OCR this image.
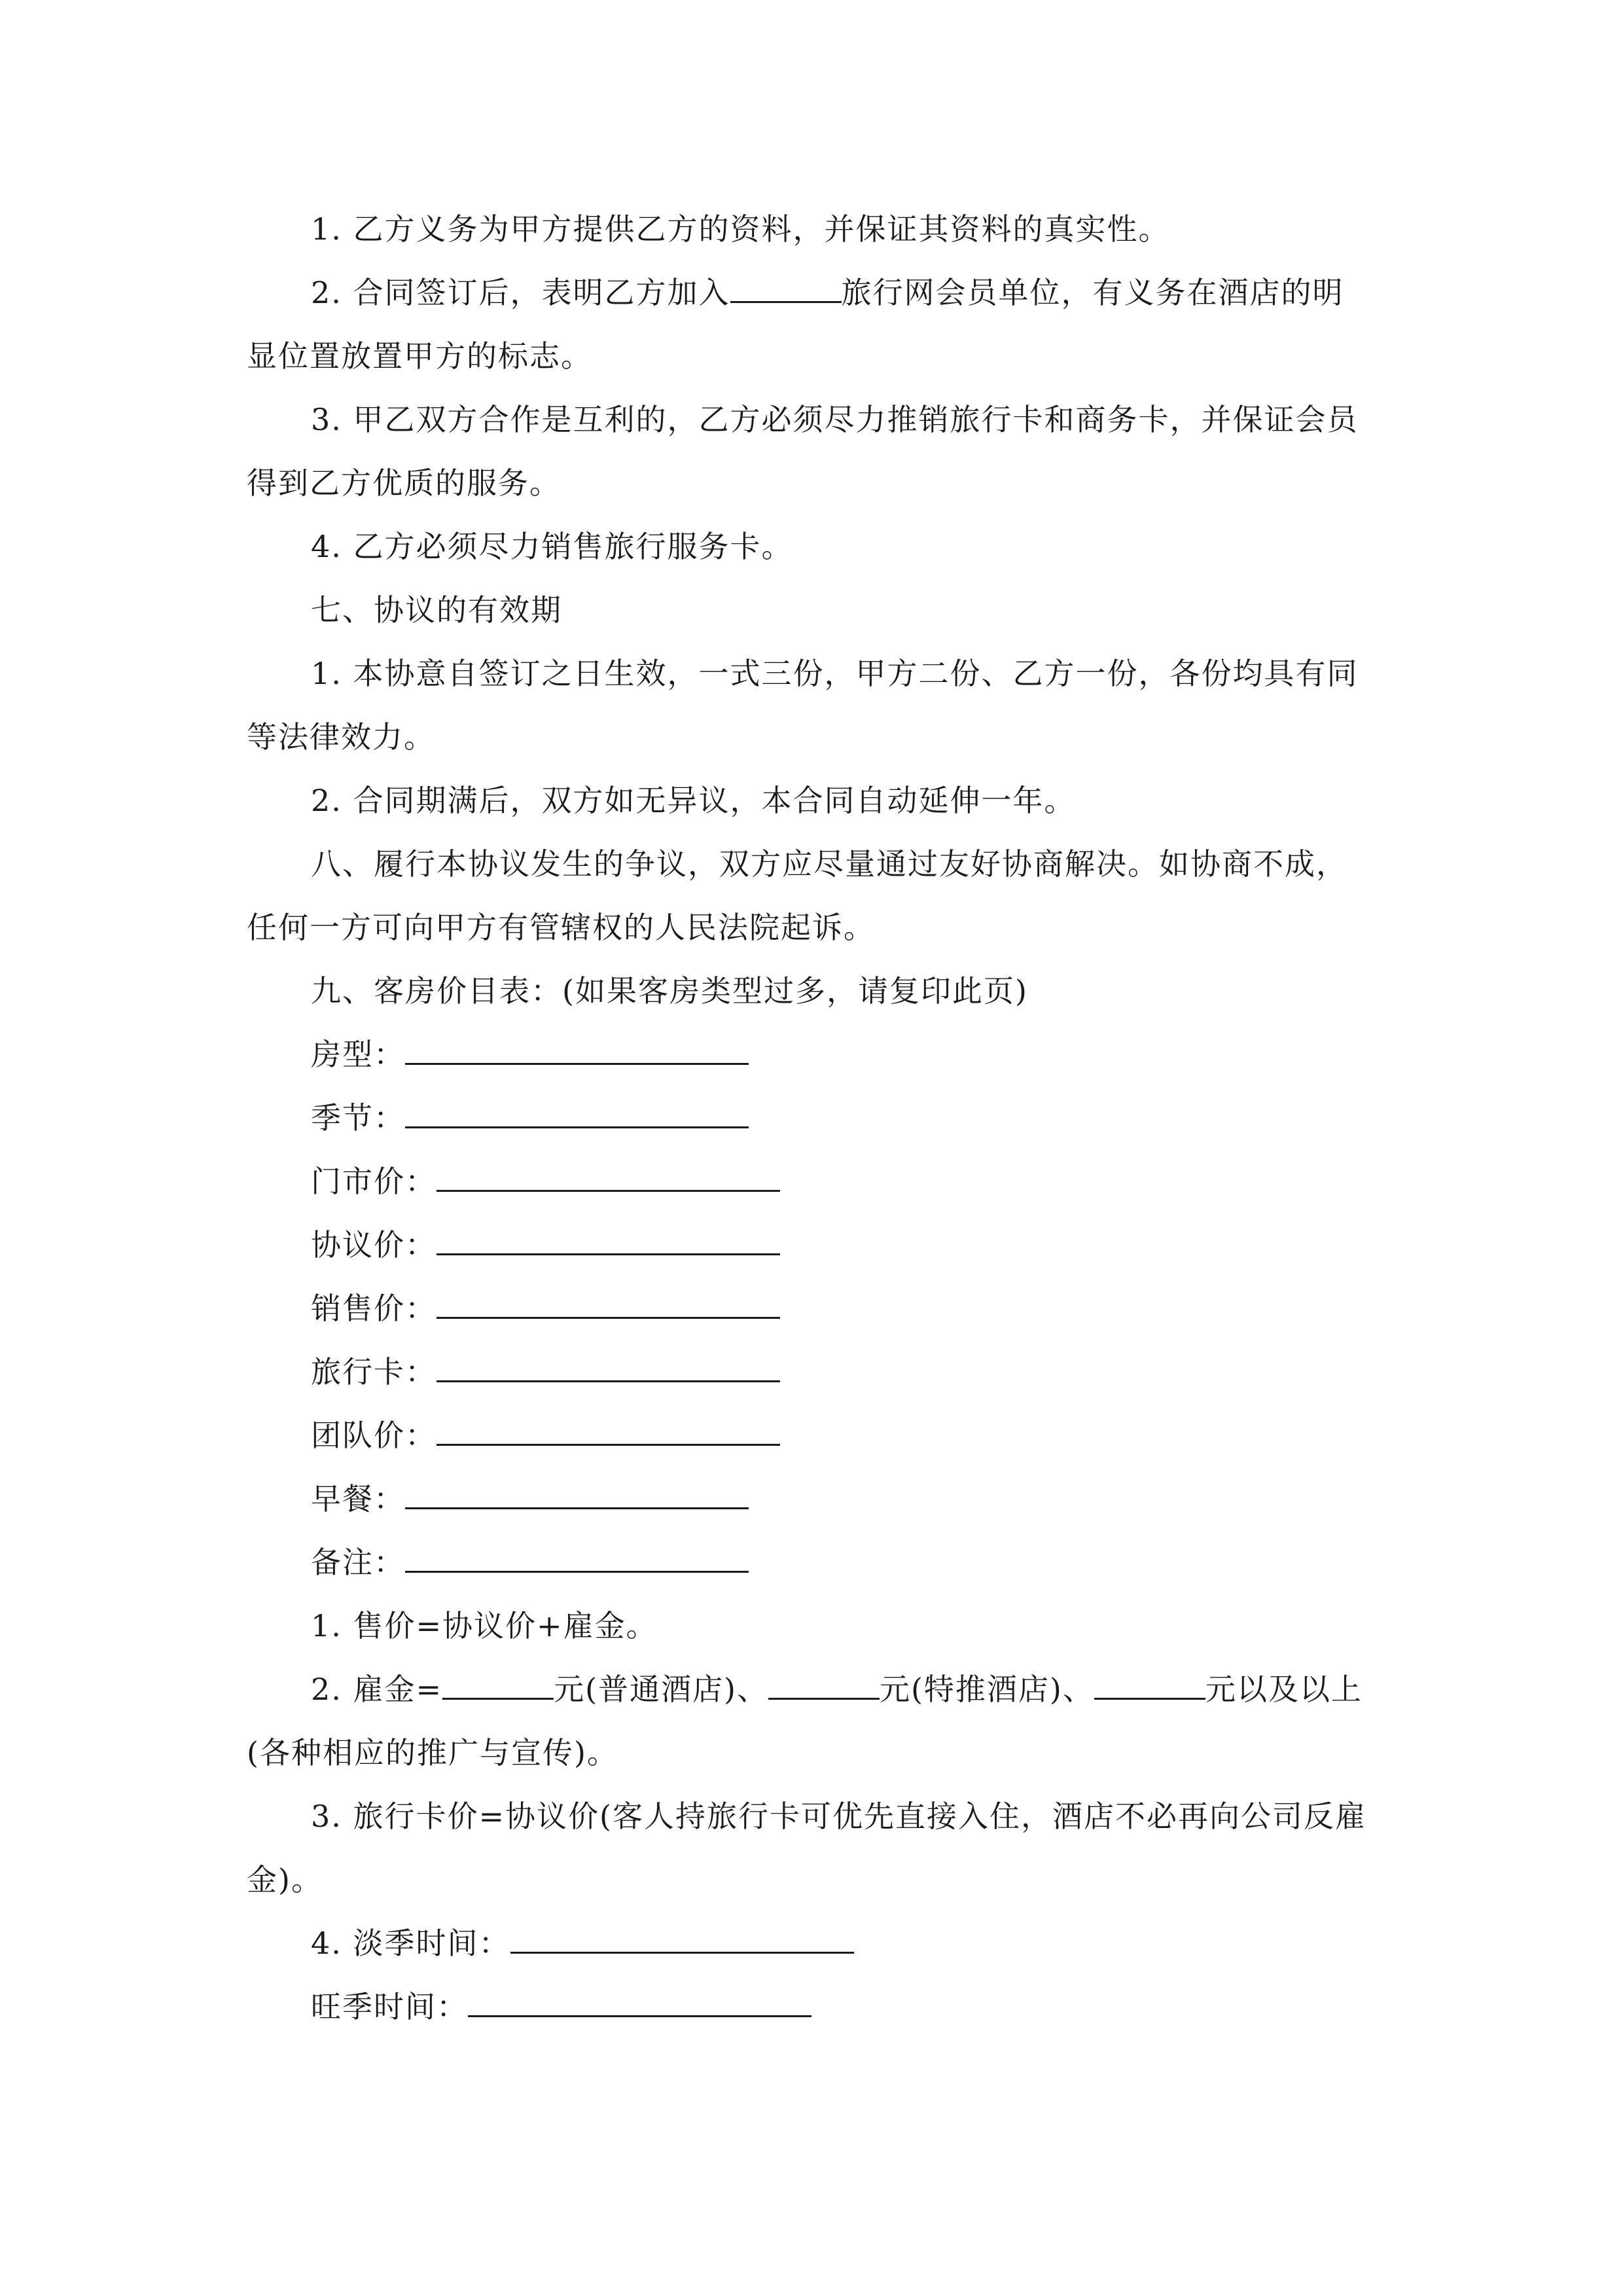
1. 乙方义务为甲方提供乙方的资料，并保证其资料的真实性。
2. 合同签订后，表明乙方加入	旅行网会员单位，有义务在酒店的明
显位置放置甲方的标志。
3. 甲乙双方合作是互利的，乙方必须尽力推销旅行卡和商务卡，并保证会员
得到乙方优质的服务。
4. 乙方必须尽力销售旅行服务卡。
七、协议的有效期
1. 本协意自签订之日生效，一式三份，甲方二份、乙方一份，各份均具有同
等法律效力。
2. 合同期满后，双方如无异议，本合同自动延伸一年。
八、履行本协议发生的争议，双方应尽量通过友好协商解决。如协商不成，
任何一方可向甲方有管辖权的人民法院起诉。
九、客房价目表：(如果客房类型过多，请复印此页)
房型：
季节：
门市价：
协议价：
销售价：
旅行卡：
团队价：
早餐：
备注：
1. 售价=协议价+雇金。
2. 雇金=	元(普通酒店)、	元(特推酒店)、	元以及以上
(各种相应的推广与宣传)。
3. 旅行卡价=协议价(客人持旅行卡可优先直接入住，酒店不必再向公司反雇
金)。
4. 淡季时间：
旺季时间：
